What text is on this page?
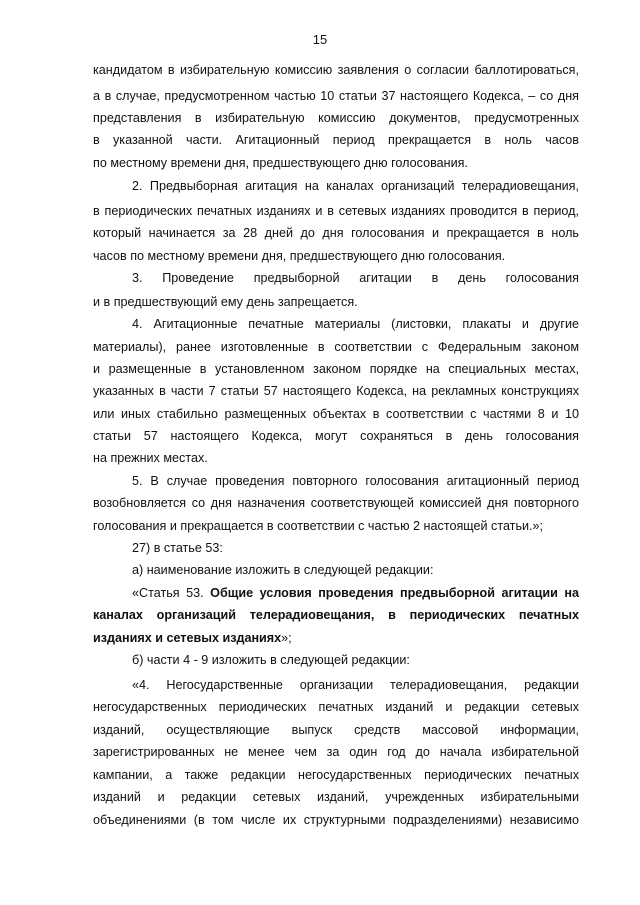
15
кандидатом в избирательную комиссию заявления о согласии баллотироваться,
а в случае, предусмотренном частью 10 статьи 37 настоящего Кодекса, – со дня
представления в избирательную комиссию документов, предусмотренных
в указанной части. Агитационный период прекращается в ноль часов
по местному времени дня, предшествующего дню голосования.
2. Предвыборная агитация на каналах организаций телерадиовещания,
в периодических печатных изданиях и в сетевых изданиях проводится в период,
который начинается за 28 дней до дня голосования и прекращается в ноль
часов по местному времени дня, предшествующего дню голосования.
3. Проведение предвыборной агитации в день голосования
и в предшествующий ему день запрещается.
4. Агитационные печатные материалы (листовки, плакаты и другие
материалы), ранее изготовленные в соответствии с Федеральным законом
и размещенные в установленном законом порядке на специальных местах,
указанных в части 7 статьи 57 настоящего Кодекса, на рекламных конструкциях
или иных стабильно размещенных объектах в соответствии с частями 8 и 10
статьи 57 настоящего Кодекса, могут сохраняться в день голосования
на прежних местах.
5. В случае проведения повторного голосования агитационный период
возобновляется со дня назначения соответствующей комиссией дня повторного
голосования и прекращается в соответствии с частью 2 настоящей статьи.»;
27) в статье 53:
а) наименование изложить в следующей редакции:
«Статья 53. Общие условия проведения предвыборной агитации на
каналах организаций телерадиовещания, в периодических печатных
изданиях и сетевых изданиях»;
б) части 4 - 9 изложить в следующей редакции:
«4. Негосударственные организации телерадиовещания, редакции
негосударственных периодических печатных изданий и редакции сетевых
изданий, осуществляющие выпуск средств массовой информации,
зарегистрированных не менее чем за один год до начала избирательной
кампании, а также редакции негосударственных периодических печатных
изданий и редакции сетевых изданий, учрежденных избирательными
объединениями (в том числе их структурными подразделениями) независимо
